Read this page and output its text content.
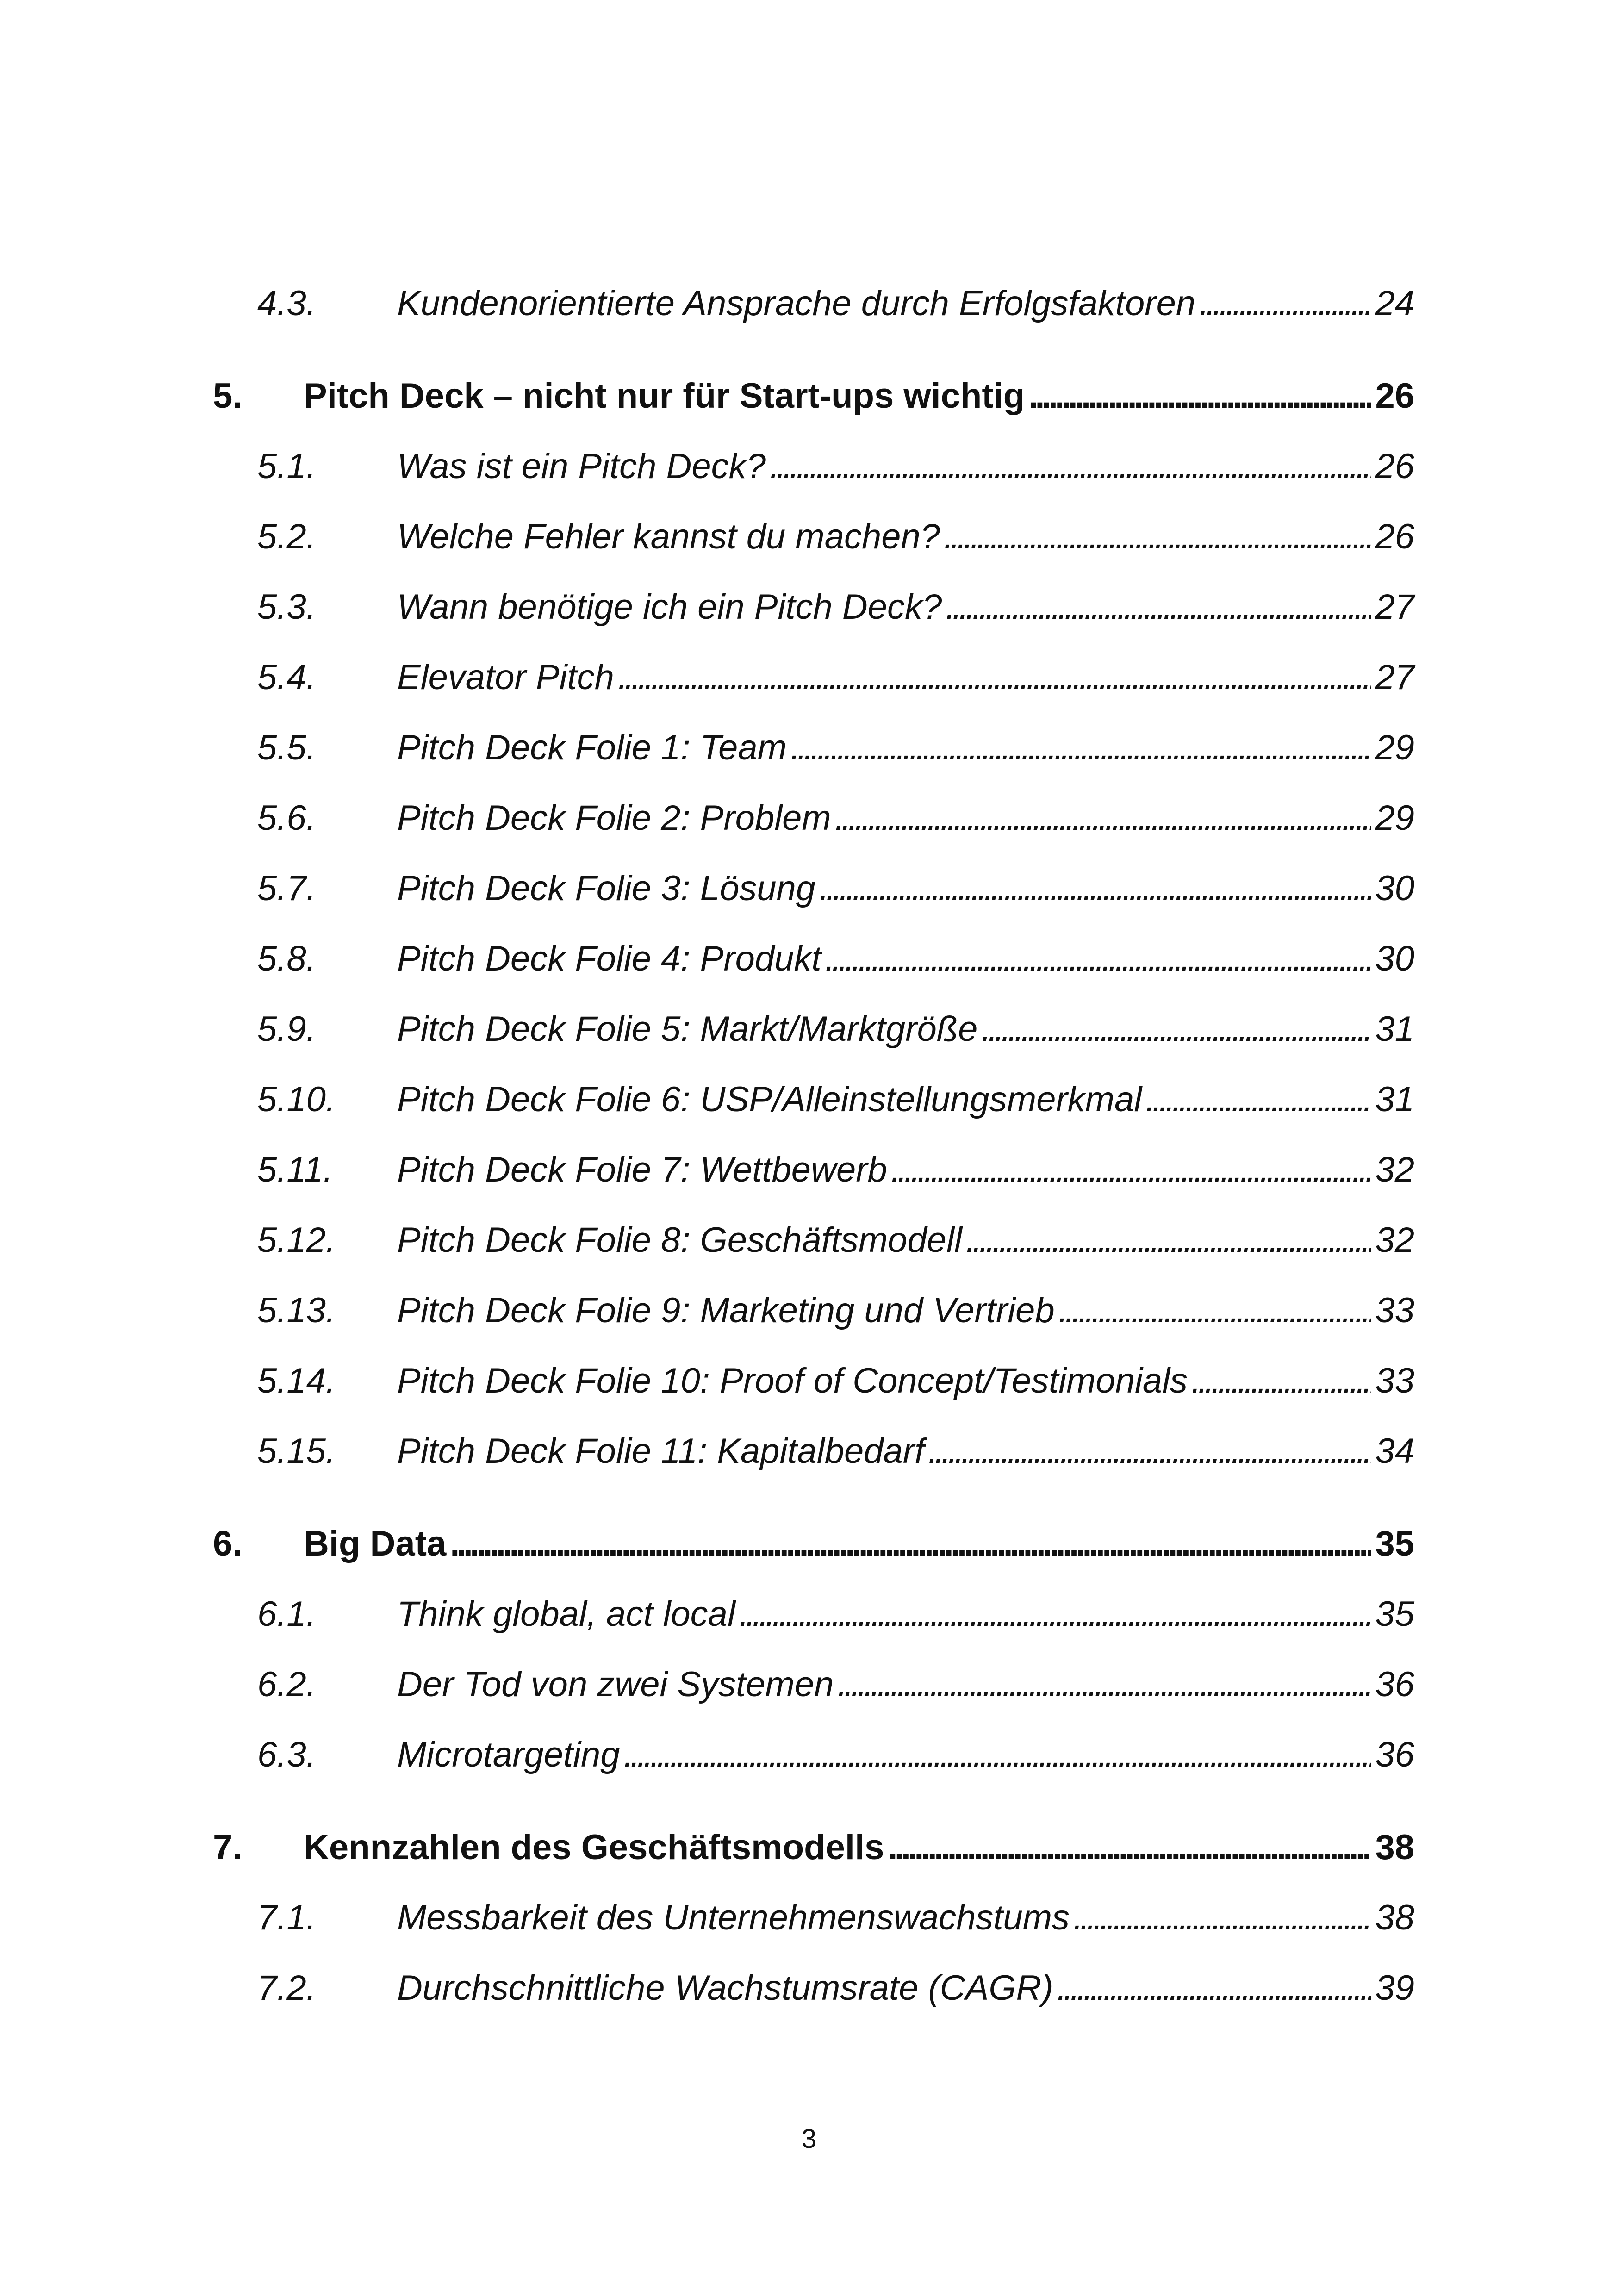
4.3.	Kundenorientierte Ansprache durch Erfolgsfaktoren . . .	24
5.	Pitch Deck – nicht nur für Start-ups wichtig . . .	26
5.1.	Was ist ein Pitch Deck? . . .	26
5.2.	Welche Fehler kannst du machen? . . .	26
5.3.	Wann benötige ich ein Pitch Deck? . . .	27
5.4.	Elevator Pitch . . .	27
5.5.	Pitch Deck Folie 1: Team . . .	29
5.6.	Pitch Deck Folie 2: Problem . . .	29
5.7.	Pitch Deck Folie 3: Lösung . . .	30
5.8.	Pitch Deck Folie 4: Produkt . . .	30
5.9.	Pitch Deck Folie 5: Markt/Marktgröße . . .	31
5.10.	Pitch Deck Folie 6: USP/Alleinstellungsmerkmal . . .	31
5.11.	Pitch Deck Folie 7: Wettbewerb . . .	32
5.12.	Pitch Deck Folie 8: Geschäftsmodell . . .	32
5.13.	Pitch Deck Folie 9: Marketing und Vertrieb . . .	33
5.14.	Pitch Deck Folie 10: Proof of Concept/Testimonials . . .	33
5.15.	Pitch Deck Folie 11: Kapitalbedarf . . .	34
6.	Big Data . . .	35
6.1.	Think global, act local . . .	35
6.2.	Der Tod von zwei Systemen . . .	36
6.3.	Microtargeting . . .	36
7.	Kennzahlen des Geschäftsmodells . . .	38
7.1.	Messbarkeit des Unternehmenswachstums . . .	38
7.2.	Durchschnittliche Wachstumsrate (CAGR) . . .	39
3
